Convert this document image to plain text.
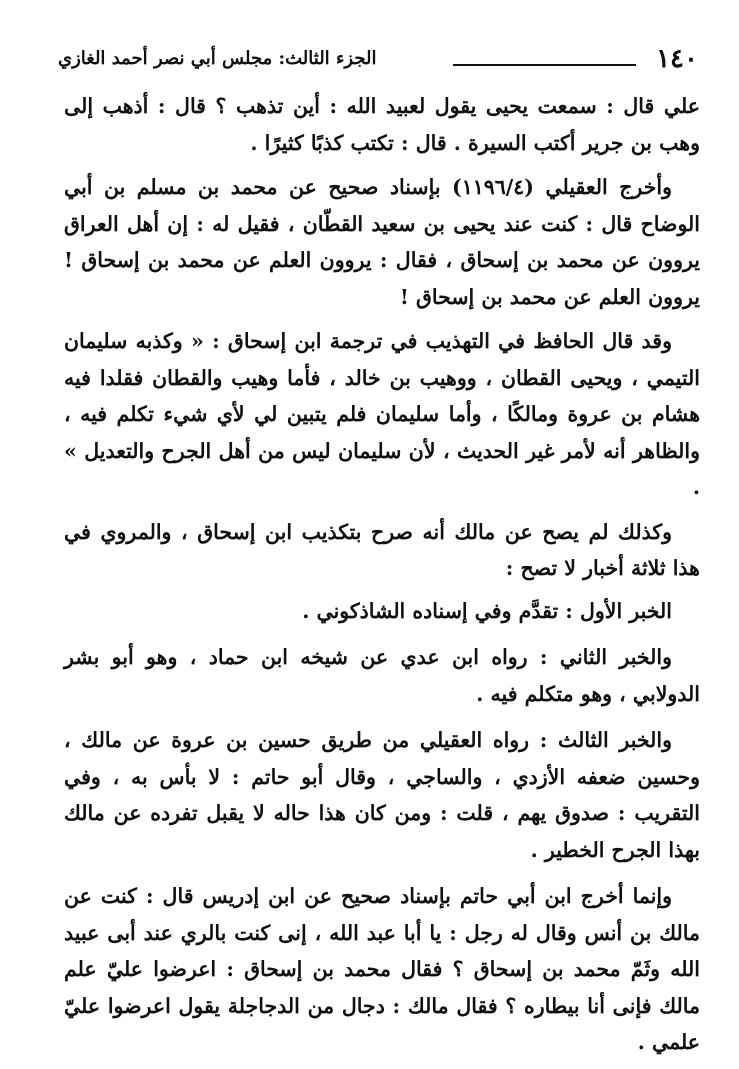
١٤٠
الجزء الثالث: مجلس أبي نصر أحمد الغازي

علي قال : سمعت يحيى يقول لعبيد الله : أين تذهب ؟ قال : أذهب إلى وهب بن جرير أكتب السيرة . قال : تكتب كذبًا كثيرًا .

وأخرج العقيلي (١١٩٦/٤) بإسناد صحيح عن محمد بن مسلم بن أبي الوضاح قال : كنت عند يحيى بن سعيد القطّان ، فقيل له : إن أهل العراق يروون عن محمد بن إسحاق ، فقال : يروون العلم عن محمد بن إسحاق ! يروون العلم عن محمد بن إسحاق !

وقد قال الحافظ في التهذيب في ترجمة ابن إسحاق : « وكذبه سليمان التيمي ، ويحيى القطان ، ووهيب بن خالد ، فأما وهيب والقطان فقلدا فيه هشام بن عروة ومالكًا ، وأما سليمان فلم يتبين لي لأي شيء تكلم فيه ، والظاهر أنه لأمر غير الحديث ، لأن سليمان ليس من أهل الجرح والتعديل » .

وكذلك لم يصح عن مالك أنه صرح بتكذيب ابن إسحاق ، والمروي في هذا ثلاثة أخبار لا تصح :

الخبر الأول : تقدَّم وفي إسناده الشاذكوني .

والخبر الثاني : رواه ابن عدي عن شيخه ابن حماد ، وهو أبو بشر الدولابي ، وهو متكلم فيه .

والخبر الثالث : رواه العقيلي من طريق حسين بن عروة عن مالك ، وحسين ضعفه الأزدي ، والساجي ، وقال أبو حاتم : لا بأس به ، وفي التقريب : صدوق يهم ، قلت : ومن كان هذا حاله لا يقبل تفرده عن مالك بهذا الجرح الخطير .

وإنما أخرج ابن أبي حاتم بإسناد صحيح عن ابن إدريس قال : كنت عن مالك بن أنس وقال له رجل : يا أبا عبد الله ، إنى كنت بالري عند أبى عبيد الله وثَمّ محمد بن إسحاق ؟ فقال محمد بن إسحاق : اعرضوا عليّ علم مالك فإنى أنا بيطاره ؟ فقال مالك : دجال من الدجاجلة يقول اعرضوا عليّ علمي .
